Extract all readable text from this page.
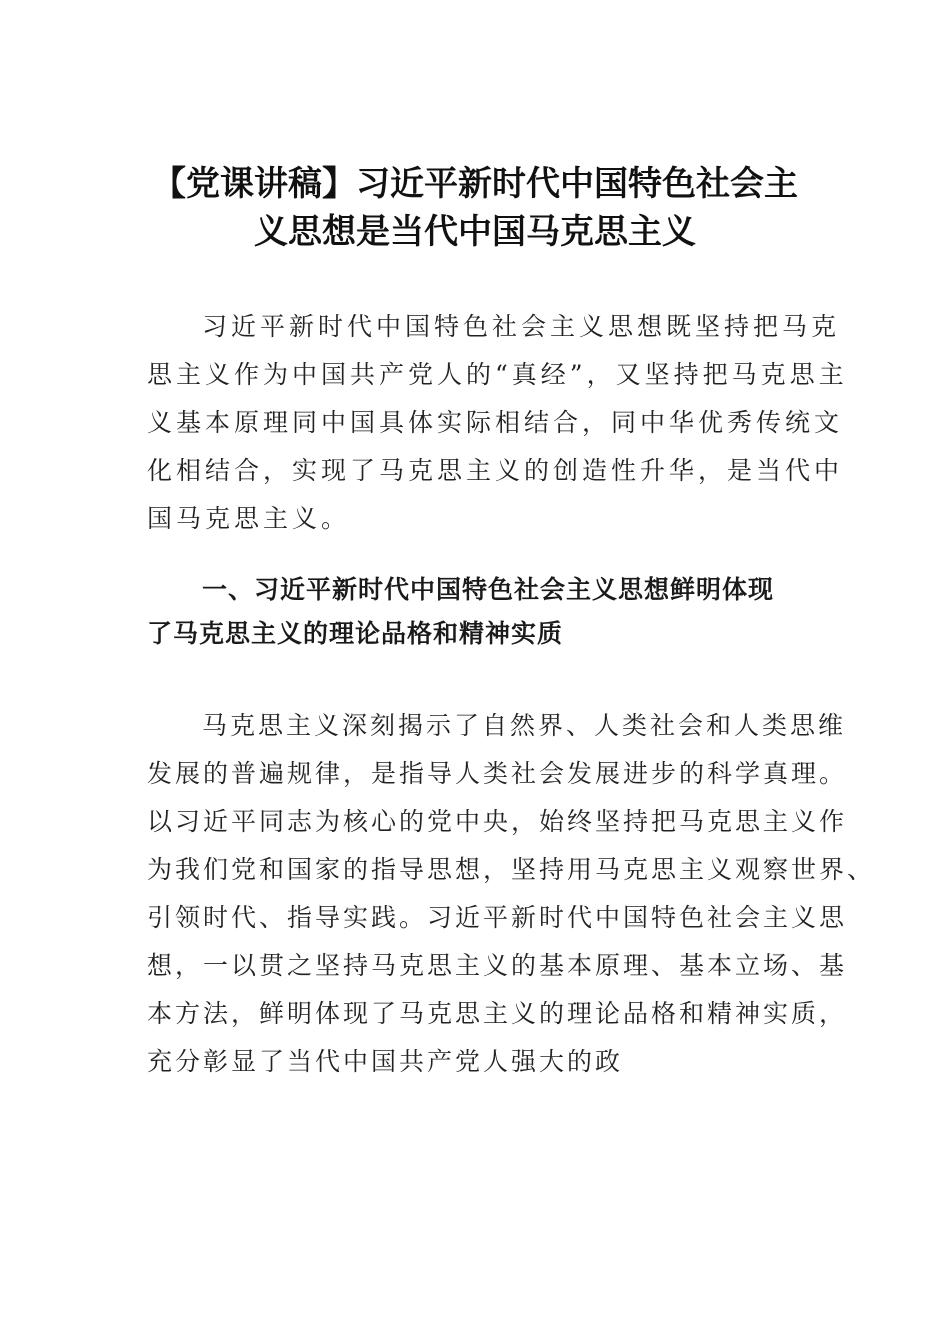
【党课讲稿】习近平新时代中国特色社会主
义思想是当代中国马克思主义
习近平新时代中国特色社会主义思想既坚持把马克
思主义作为中国共产党人的“真经”，又坚持把马克思主
义基本原理同中国具体实际相结合，同中华优秀传统文
化相结合，实现了马克思主义的创造性升华，是当代中
国马克思主义。
一、习近平新时代中国特色社会主义思想鲜明体现
了马克思主义的理论品格和精神实质
马克思主义深刻揭示了自然界、人类社会和人类思维
发展的普遍规律，是指导人类社会发展进步的科学真理。
以习近平同志为核心的党中央，始终坚持把马克思主义作
为我们党和国家的指导思想，坚持用马克思主义观察世界、
引领时代、指导实践。习近平新时代中国特色社会主义思
想，一以贯之坚持马克思主义的基本原理、基本立场、基
本方法，鲜明体现了马克思主义的理论品格和精神实质，
充分彰显了当代中国共产党人强大的政
